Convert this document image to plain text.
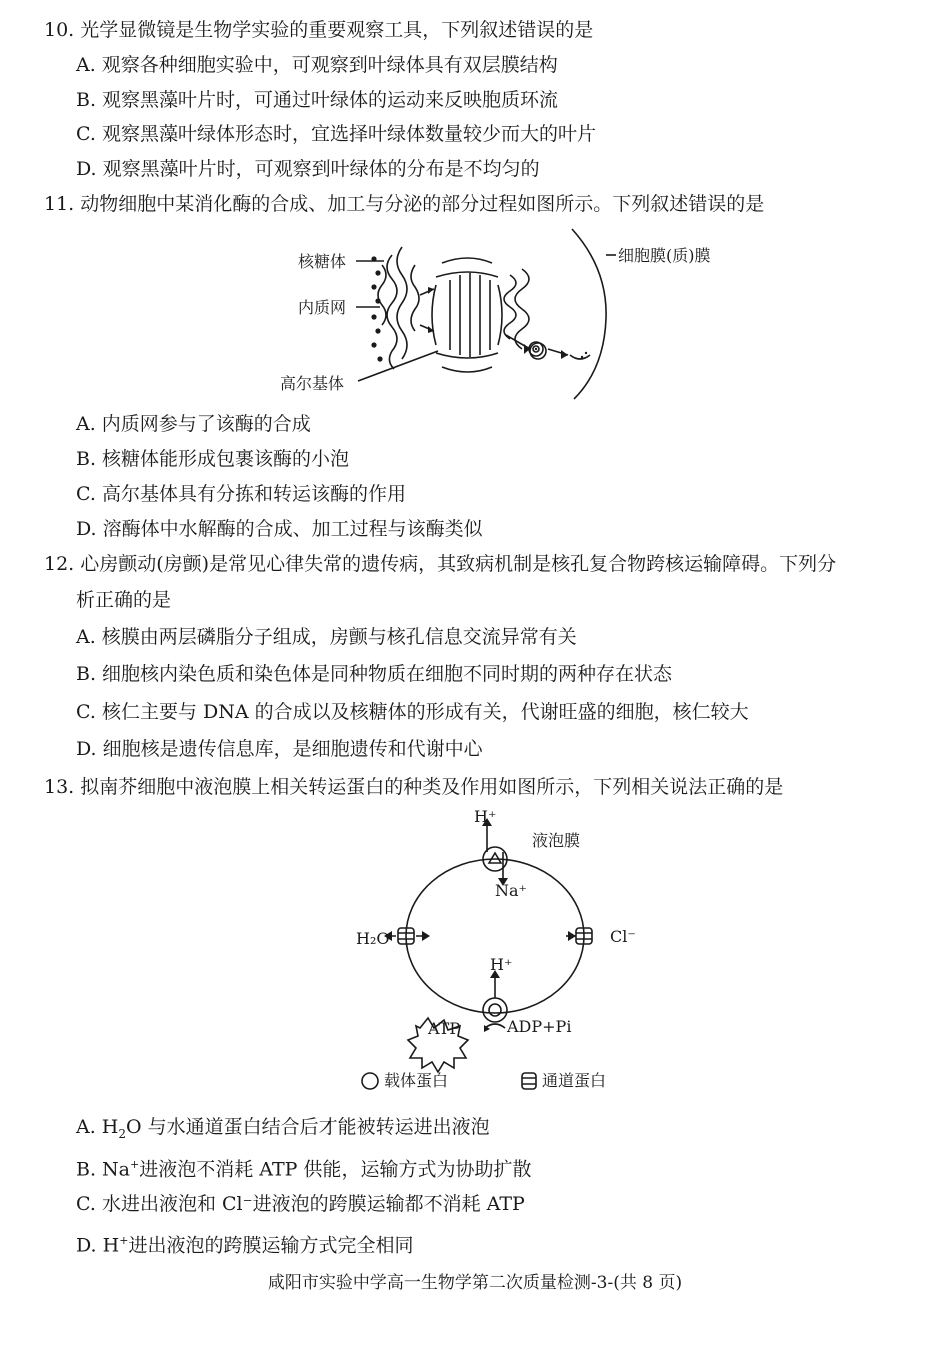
10. 光学显微镜是生物学实验的重要观察工具，下列叙述错误的是
A. 观察各种细胞实验中，可观察到叶绿体具有双层膜结构
B. 观察黑藻叶片时，可通过叶绿体的运动来反映胞质环流
C. 观察黑藻叶绿体形态时，宜选择叶绿体数量较少而大的叶片
D. 观察黑藻叶片时，可观察到叶绿体的分布是不均匀的
11. 动物细胞中某消化酶的合成、加工与分泌的部分过程如图所示。下列叙述错误的是
核糖体
内质网
高尔基体
细胞膜(质)膜
A. 内质网参与了该酶的合成
B. 核糖体能形成包裹该酶的小泡
C. 高尔基体具有分拣和转运该酶的作用
D. 溶酶体中水解酶的合成、加工过程与该酶类似
12. 心房颤动(房颤)是常见心律失常的遗传病，其致病机制是核孔复合物跨核运输障碍。下列分
析正确的是
A. 核膜由两层磷脂分子组成，房颤与核孔信息交流异常有关
B. 细胞核内染色质和染色体是同种物质在细胞不同时期的两种存在状态
C. 核仁主要与 DNA 的合成以及核糖体的形成有关，代谢旺盛的细胞，核仁较大
D. 细胞核是遗传信息库，是细胞遗传和代谢中心
13. 拟南芥细胞中液泡膜上相关转运蛋白的种类及作用如图所示，下列相关说法正确的是
H⁺
液泡膜
Na⁺
H₂O	Cl⁻
H⁺
ATP	ADP+Pi
载体蛋白	通道蛋白
A. $H_2O$ 与水通道蛋白结合后才能被转运进出液泡
B. Na+进液泡不消耗 ATP 供能，运输方式为协助扩散
C. 水进出液泡和 Cl⁻进液泡的跨膜运输都不消耗 ATP
D. H+进出液泡的跨膜运输方式完全相同
咸阳市实验中学高一生物学第二次质量检测-3-(共 8 页)
